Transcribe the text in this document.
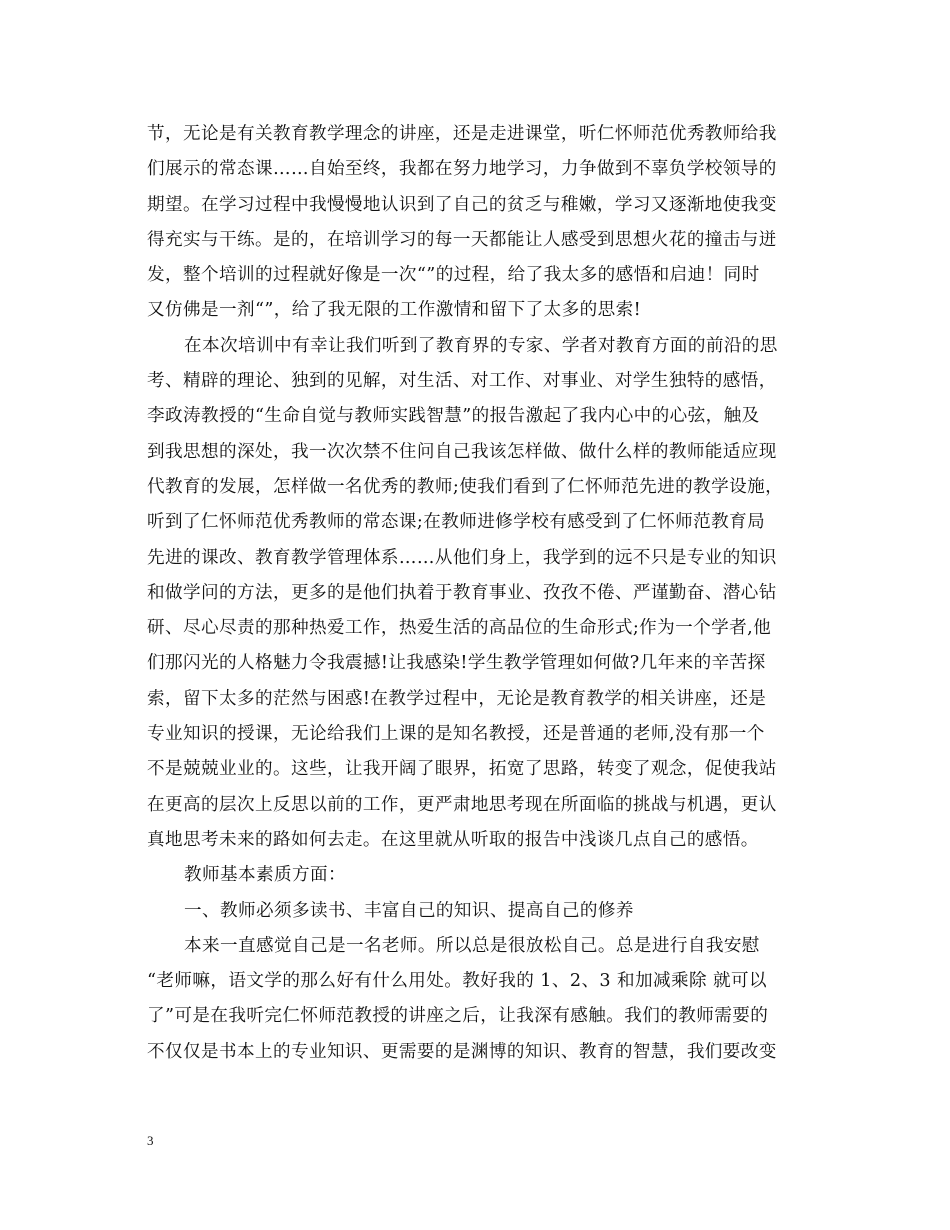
节，无论是有关教育教学理念的讲座，还是走进课堂，听仁怀师范优秀教师给我
们展示的常态课……自始至终，我都在努力地学习，力争做到不辜负学校领导的
期望。在学习过程中我慢慢地认识到了自己的贫乏与稚嫩，学习又逐渐地使我变
得充实与干练。是的，在培训学习的每一天都能让人感受到思想火花的撞击与迸
发，整个培训的过程就好像是一次“”的过程，给了我太多的感悟和启迪！同时
又仿佛是一剂“”，给了我无限的工作激情和留下了太多的思索!
在本次培训中有幸让我们听到了教育界的专家、学者对教育方面的前沿的思
考、精辟的理论、独到的见解，对生活、对工作、对事业、对学生独特的感悟，
李政涛教授的“生命自觉与教师实践智慧”的报告激起了我内心中的心弦，触及
到我思想的深处，我一次次禁不住问自己我该怎样做、做什么样的教师能适应现
代教育的发展，怎样做一名优秀的教师;使我们看到了仁怀师范先进的教学设施，
听到了仁怀师范优秀教师的常态课;在教师进修学校有感受到了仁怀师范教育局
先进的课改、教育教学管理体系……从他们身上，我学到的远不只是专业的知识
和做学问的方法，更多的是他们执着于教育事业、孜孜不倦、严谨勤奋、潜心钻
研、尽心尽责的那种热爱工作，热爱生活的高品位的生命形式;作为一个学者,他
们那闪光的人格魅力令我震撼!让我感染!学生教学管理如何做?几年来的辛苦探
索，留下太多的茫然与困惑!在教学过程中，无论是教育教学的相关讲座，还是
专业知识的授课，无论给我们上课的是知名教授，还是普通的老师,没有那一个
不是兢兢业业的。这些，让我开阔了眼界，拓宽了思路，转变了观念，促使我站
在更高的层次上反思以前的工作，更严肃地思考现在所面临的挑战与机遇，更认
真地思考未来的路如何去走。在这里就从听取的报告中浅谈几点自己的感悟。
教师基本素质方面：
一、教师必须多读书、丰富自己的知识、提高自己的修养
本来一直感觉自己是一名老师。所以总是很放松自己。总是进行自我安慰
“老师嘛，语文学的那么好有什么用处。教好我的 1、2、3 和加减乘除 就可以
了”可是在我听完仁怀师范教授的讲座之后，让我深有感触。我们的教师需要的
不仅仅是书本上的专业知识、更需要的是渊博的知识、教育的智慧，我们要改变
3
